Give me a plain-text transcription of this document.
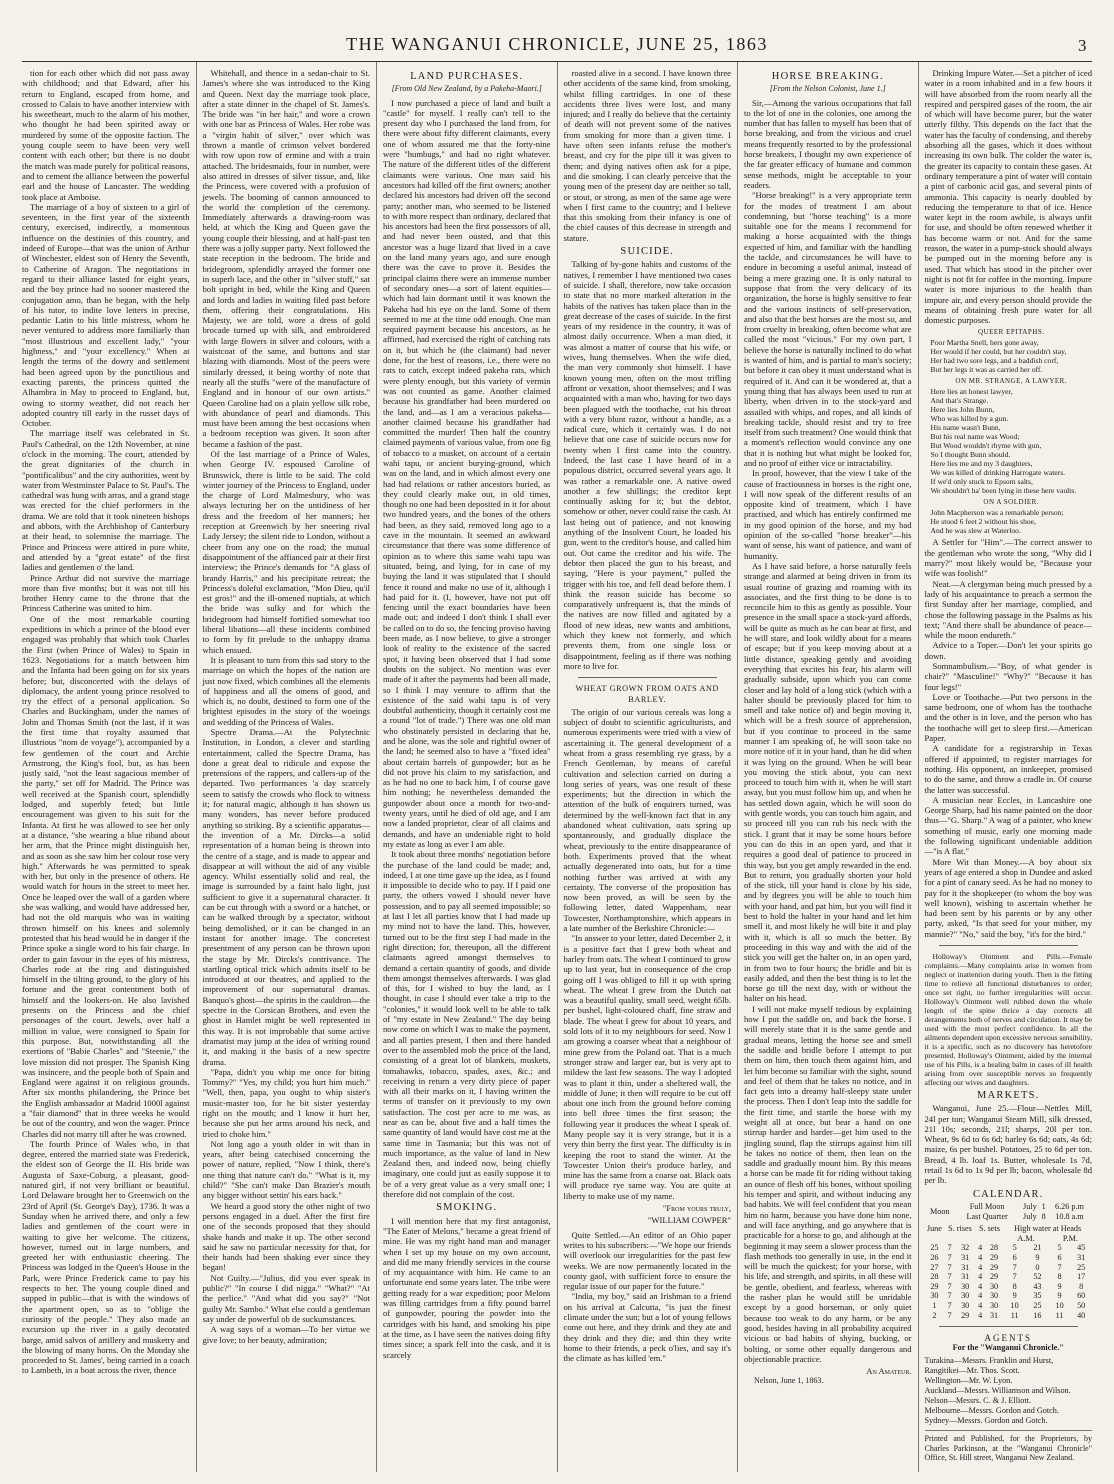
THE WANGANUI CHRONICLE, JUNE 25, 1863	3

tion for each other which did not pass away with childhood; and that Edward, after his return to England, escaped from home, and crossed to Calais to have another interview with his sweetheart, much to the alarm of his mother, who thought he had been spirited away or murdered by some of the opposite faction. The young couple seem to have been very well content with each other; but there is no doubt the match was made purely for political reasons, and to cement the alliance between the powerful earl and the house of Lancaster. The wedding took place at Amboise.

The marriage of a boy of sixteen to a girl of seventeen, in the first year of the sixteenth century, exercised, indirectly, a momentous influence on the destinies of this country, and indeed of Europe—that was the union of Arthur of Winchester, eldest son of Henry the Seventh, to Catherine of Aragon. The negotiations in regard to their alliance lasted for eight years, and the boy prince had no sooner mastered the conjugation amo, than he began, with the help of his tutor, to indite love letters in precise, pedantic Latin to his little mistress, whom he never ventured to address more familiarly than "most illustrious and excellent lady," "your highness," and "your excellency." When at length the terms of the dowry and settlement had been agreed upon by the punctilious and exacting parents, the princess quitted the Alhambra in May to proceed to England, but, owing to stormy weather, did not reach her adopted country till early in the russet days of October.

The marriage itself was celebrated in St. Paul's Cathedral, on the 12th November, at nine o'clock in the morning. The court, attended by the great dignitaries of the church in "pontificalibus" and the city authorities, went by water from Westminster Palace to St. Paul's. The cathedral was hung with arras, and a grand stage was erected for the chief performers in the drama. We are told that it took nineteen bishops and abbots, with the Archbishop of Canterbury at their head, to solemnise the marriage. The Prince and Princess were attired in pure white, and attended by a "great estate" of the first ladies and gentlemen o' the land.

Prince Arthur did not survive the marriage more than five months; but it was not till his brother Henry came to the throne that the Princess Catherine was united to him.

One of the most remarkable courting expeditions in which a prince of the blood ever engaged was probably that which took Charles the First (when Prince of Wales) to Spain in 1623. Negotiations for a match between him and the Infanta had been going on for six years before; but, disconcerted with the delays of diplomacy, the ardent young prince resolved to try the effect of a personal application. So Charles and Buckingham, under the names of John and Thomas Smith (not the last, if it was the first time that royalty assumed that illustrious "nom de voyage"), accompanied by a few gentlemen of the court and Archie Armstrong, the King's fool, but, as has been justly said, "not the least sagacious member of the party," set off for Madrid. The Prince was well received at the Spanish court, splendidly lodged, and superbly feted; but little encouragement was given to his suit for the Infanta. At first he was allowed to see her only at a distance, "she wearing a blue riband about her arm, that the Prince might distinguish her, and as soon as she saw him her colour rose very high." Afterwards he was permitted to speak with her, but only in the presence of others. He would watch for hours in the street to meet her. Once he leaped over the wall of a garden where she was walking, and would have addressed her, had not the old marquis who was in waiting thrown himself on his knees and solemnly protested that his head would be in danger if the Prince spoke a single word to his fair charge. In order to gain favour in the eyes of his mistress, Charles rode at the ring and distinguished himself in the tilting ground, to the glory of his fortune and the great contentment both of himself and the lookers-on. He also lavished presents on the Princess and the chief personages of the court. Jewels, over half a million in value, were consigned to Spain for this purpose. But, notwithstanding all the exertions of "Babie Charles" and "Steenie," the love mission did not prosper. The Spanish King was insincere, and the people both of Spain and England were against it on religious grounds. After six months philandering, the Prince bet the English ambassador at Madrid 1000l against a "fair diamond" that in three weeks he would be out of the country, and won the wager. Prince Charles did not marry till after he was crowned.

The fourth Prince of Wales who, in that degree, entered the married state was Frederick, the eldest son of George the II. His bride was Augusta of Saxe-Coburg, a pleasant, good-natured girl, if not very brilliant or beautiful. Lord Delaware brought her to Greenwich on the 23rd of April (St. George's Day), 1736. It was a Sunday when he arrived there, and only a few ladies and gentlemen of the court were in waiting to give her welcome. The citizens, however, turned out in large numbers, and greeted her with enthusiastic cheering. The Princess was lodged in the Queen's House in the Park, were Prince Frederick came to pay his respects to her. The young couple dined and supped in public—that is with the windows of the apartment open, so as to "oblige the curiosity of the people." They also made an excursion up the river in a gaily decorated barge, amid salvos of artillery and musketry and the blowing of many horns. On the Monday she proceeded to St. James', being carried in a coach to Lambeth, in a boat across the river, thence

Whitehall, and thence in a sedan-chair to St. James's where she was introduced to the King and Queen. Next day the marriage took place, after a state dinner in the chapel of St. James's. The bride was "in her hair," and wore a crown with one bar as Princess of Wales. Her robe was a "virgin habit of silver," over which was thrown a mantle of crimson velvet bordered with row upon row of ermine and with a train attached. The bridesmaids, four in number, were also attired in dresses of silver tissue, and, like the Princess, were covered with a profusion of jewels. The booming of cannon announced to the world the completion of the ceremony. Immediately afterwards a drawing-room was held, at which the King and Queen gave the young couple their blessing, and at half-past ten there was a jolly supper party. Next followed the state reception in the bedroom. The bride and bridegroom, splendidly arrayed the former one in superb lace, and the other in "silver stuff," sat bolt upright in bed, while the King and Queen and lords and ladies in waiting filed past before them, offering their congratulations. His Majesty, we are told, wore a dress of gold brocade turned up with silk, and embroidered with large flowers in silver and colours, with a waistcoat of the same, and buttons and star blazing with diamonds. Most of the peers were similarly dressed, it being worthy of note that nearly all the stuffs "were of the manufacture of England and in honour of our own artists." Queen Caroline had on a plain yellow silk robe, with abundance of pearl and diamonds. This must have been among the best occasions when a bedroom reception was given. It soon after became a fashion of the past.

Of the last marriage of a Prince of Wales, when George IV. espoused Caroline of Brunswick, there is little to be said. The cold winter journey of the Princess to England, under the charge of Lord Malmesbury, who was always lecturing her on the untidiness of her dress and the freedom of her manners; her reception at Greenwich by her sneering rival Lady Jersey; the silent ride to London, without a cheer from any one on the road; the mutual disappointment of the affianced pair at their first interview; the Prince's demands for "A glass of brandy Harris," and his precipitate retreat; the Princess's doleful exclamation, "Mon Dieu, qu'il est gros!" and the ill-omened nuptials, at which the bride was sulky and for which the bridegroom had himself fortified somewhat too liberal libations—all these incidents combined to form by fit prelude to the unhappy drama which ensued.

It is pleasant to turn from this sad story to the marriage on which the hopes of the nation are just now fixed, which combines all the elements of happiness and all the omens of good, and which is, no doubt, destined to form one of the brightest episodes in the story of the woeings and wedding of the Princess of Wales.

Spectre Drama.—At the Polytechnic Institution, in London, a clever and startling entertainment, called the Spectre Drama, has done a great deal to ridicule and expose the pretensions of the rappers, and callers-up of the departed. Two performances 'a day scarcely seem to satisfy the crowds who flock to witness it; for natural magic, although it has shown us many wonders, has never before produced anything so striking. By a scientific apparatus—the invention of a Mr. Dircks—a solid representation of a human being is thrown into the centre of a stage, and is made to appear and disappear at will without the aid of any visible agency. Whilst essentially solid and real, the image is surrounded by a faint halo light, just sufficient to give it a supernatural character. It can be cut through with a sword or a hatchet, or can be walked through by a spectator, without being demolished, or it can be changed in an instant for another image. The concretest presentment of any person can be thrown upon the stage by Mr. Dircks's contrivance. The startling optical trick which admits itself to be introduced at our theatres, and applied to the improvement of our supernatural dramas. Banquo's ghost—the spirits in the cauldron—the spectre in the Corsican Brothers, and even the ghost in Hamlet might be well represented in this way. It is not improbable that some active dramatist may jump at the idea of writing round it, and making it the basis of a new spectre drama.

"Papa, didn't you whip me once for biting Tommy?" "Yes, my child; you hurt him much." "Well, then, papa, you ought to whip sister's music-master too, for he bit sister yesterday right on the mouth; and I know it hurt her, because she put her arms around his neck, and tried to choke him."

Not long ago a youth older in wit than in years, after being catechised concerning the power of nature, replied, "Now I think, there's one thing that nature can't do." "What is it, my child?" "She can't make Dan Brazier's mouth any bigger without settin' his ears back."

We heard a good story the other night of two persons engaged in a duel. After the first fire one of the seconds proposed that they should shake hands and make it up. The other second said he saw no particular necessity for that, for their hands had been shaking ever since they began!

Not Guilty.—"Julius, did you ever speak in public?" "In course I did nigga." "What?" "At the perlice." "And what did you say?" "Not guilty Mr. Sambo." What else could a gentleman say under de powerful ob de suckumstances.

A wag says of a woman—To her virtue we give love; to her beauty, admiration;

LAND PURCHASES.
[From Old New Zealand, by a Pakeha-Maori.]

I now purchased a piece of land and built a "castle" for myself. I really can't tell to the present day who I purchased the land from, for there were about fifty different claimants, every one of whom assured me that the forty-nine were "humbugs," and had no right whatever. The nature of the different titles of the different claimants were various. One man said his ancestors had killed off the first owners; another declared his ancestors had driven off the second party; another man, who seemed to be listened to with more respect than ordinary, declared that his ancestors had been the first possessors of all, and had never been ousted, and that this ancestor was a huge lizard that lived in a cave on the land many years ago, and sure enough there was the cave to prove it. Besides the principal claims there were an immense number of secondary ones—a sort of latent equities—which had lain dormant until it was known the Pakeha had his eye on the land. Some of them seemed to me at the time odd enough. One man required payment because his ancestors, as he affirmed, had exercised the right of catching rats on it, but which he (the claimant) had never done, for the best of reasons, i.e., there were no rats to catch, except indeed pakeha rats, which were plenty enough, but this variety of vermin was not counted as game. Another claimed because his grandfather had been murdered on the land, and—as I am a veracious pakeha—another claimed because his grandfather had committed the murder! Then half the country claimed payments of various value, from one fig of tobacco to a musket, on account of a certain wahi tapu, or ancient burying-ground, which was on the land, and in which almost every one had had relations or rather ancestors buried, as they could clearly make out, in old times, though no one had been deposited in it for about two hundred years, and the bones of the others had been, as they said, removed long ago to a cave in the mountain. It seemed an awkward circumstance that there was some difference of opinion as to where this same wahi tapu was situated, being, and lying, for in case of my buying the land it was stipulated that I should fence it round and make no use of it, although I had paid for it. (I, however, have not put off fencing until the exact boundaries have been made out; and indeed I don't think I shall ever be called on to do so, the fencing proviso having been made, as I now believe, to give a stronger look of reality to the existence of the sacred spot, it having been observed that I had some doubts on the subject. No mention was ever made of it after the payments had been all made, so I think I may venture to affirm that the existence of the said wahi tapu is of very doubtful authenticity, though it certainly cost me a round "lot of trade.") There was one old man who obstinately persisted in declaring that he, and he alone, was the sole and rightful owner of the land; he seemed also to have a "fixed idea" about certain barrels of gunpowder; but as he did not prove his claim to my satisfaction, and as he had no one to back him, I of course gave him nothing; he nevertheless demanded the gunpowder about once a month for two-and-twenty years, until he died of old age, and I am now a landed proprietor, clear of all claims and demands, and have an undeniable right to hold my estate as long as ever I am able.

It took about three months' negotiation before the purchase of the land could be made; and, indeed, I at one time gave up the idea, as I found it impossible to decide who to pay. If I paid one party, the others vowed I should never have possession, and to pay all seemed impossible; so at last I let all parties know that I had made up my mind not to have the land. This, however, turned out to be the first step I had made in the right direction; for, thereupon, all the different claimants agreed amongst themselves to demand a certain quantity of goods, and divide them amongst themselves afterwards. I was glad of this, for I wished to buy the land, as I thought, in case I should ever take a trip to the "colonies," it would look well to be able to talk of "my estate in New Zealand." The day being now come on which I was to make the payment, and all parties present, I then and there handed over to the assembled mob the price of the land, consisting of a great lot of blankets, muskets, tomahawks, tobacco, spades, axes, &c.; and receiving in return a very dirty piece of paper with all their marks on it, I having written the terms of transfer on it previously to my own satisfaction. The cost per acre to me was, as near as can be, about five and a half times the same quantity of land would have cost me at the same time in Tasmania; but this was not of much importance, as the value of land in New Zealand then, and indeed now, being chiefly imaginary, one could just as easily suppose it to be of a very great value as a very small one; I therefore did not complain of the cost.

SMOKING.

I will mention here that my first antagonist, "The Eater of Melons," became a great friend of mine. He was my right hand man and manager when I set up my house on my own account, and did me many friendly services in the course of my acquaintance with him. He came to an unfortunate end some years later. The tribe were getting ready for a war expedition; poor Melons was filling cartridges from a fifty pound barrel of gunpowder, pouring the powder into the cartridges with his hand, and smoking his pipe at the time, as I have seen the natives doing fifty times since; a spark fell into the cask, and it is scarcely

roasted alive in a second. I have known three other accidents of the same kind, from smoking, whilst filling cartridges. In one of these accidents three lives were lost, and many injured; and I really do believe that the certainty of death will not prevent some of the natives from smoking for more than a given time. I have often seen infants refuse the mother's breast, and cry for the pipe till it was given to them; and dying natives often ask for a pipe, and die smoking. I can clearly perceive that the young men of the present day are neither so tall, or stout, or strong, as men of the same age were when I first came to the country; and I believe that this smoking from their infancy is one of the chief causes of this decrease in strength and stature.

SUICIDE.

Talking of by-gone habits and customs of the natives, I remember I have mentioned two cases of suicide. I shall, therefore, now take occasion to state that no more marked alteration in the habits of the natives has taken place than in the great decrease of the cases of suicide. In the first years of my residence in the country, it was of almost daily occurrence. When a man died, it was almost a matter of course that his wife, or wives, hung themselves. When the wife died, the man very commonly shot himself. I have known young men, often on the most trifling affront or vexation, shoot themselves; and I was acquainted with a man who, having for two days been plagued with the toothache, cut his throat with a very blunt razor, without a handle, as a radical cure, which it certainly was. I do not believe that one case of suicide occurs now for twenty when I first came into the country. Indeed, the last case I have heard of in a populous district, occurred several years ago. It was rather a remarkable one. A native owed another a few shillings; the creditor kept continually asking for it; but the debtor, somehow or other, never could raise the cash. At last being out of patience, and not knowing anything of the Insolvent Court, he loaded his gun, went to the creditor's house, and called him out. Out came the creditor and his wife. The debtor then placed the gun to his breast, and saying, "Here is your payment," pulled the trigger with his toe, and fell dead before them. I think the reason suicide has become so comparatively unfrequent is, that the minds of the natives are now filled and agitated by a flood of new ideas, new wants and ambitions, which they knew not formerly, and which prevents them, from one single loss or disappointment, feeling as if there was nothing more to live for.

WHEAT GROWN FROM OATS AND BARLEY.

The origin of our various cereals was long a subject of doubt to scientific agriculturists, and numerous experiments were tried with a view of ascertaining it. The general development of a wheat from a grass resembling rye grass, by a French Gentleman, by means of careful cultivation and selection carried on during a long series of years, was one result of these experiments; but the direction in which the attention of the bulk of enquirers turned, was determined by the well-known fact that in any abandoned wheat cultivation, oats spring up spontaneously, and gradually displace the wheat, previously to the entire disappearance of both. Experiments proved that the wheat actually degenerated into oats, but for a time nothing further was arrived at with any certainty. The converse of the proposition has now been proved, as will be seen by the following letter, dated Wappenham, near Towcester, Northamptonshire, which appears in a late number of the Berkshire Chronicle:—

"In answer to your letter, dated December 2, it is a positive fact that I grew both wheat and barley from oats. The wheat I continued to grow up to last year, but in consequence of the crop going off I was obliged to fill it up with spring wheat. The wheat I grew from the Dutch oat was a beautiful quality, small seed, weight 65lb. per bushel, light-coloured chaff, fine straw and blade. The wheat I grew for about 10 years, and sold lots of it to my neighbours for seed. Now I am growing a coarser wheat that a neighbour of mine grew from the Poland oat. That is a much stronger straw and larger ear, but is very apt to mildew the last few seasons. The way I adopted was to plant it thin, under a sheltered wall, the middle of June; it then will require to be cut off about one inch from the ground before coming into bell three times the first season; the following year it produces the wheat I speak of. Many people say it is very strange, but it is a very thin berry the first year. The difficulty is in keeping the root to stand the winter. At the Towcester Union their's produce barley, and mine has the same from a coarse oat. Black oats will produce rye same way. You are quite at liberty to make use of my name.

"From yours truly,
"WILLIAM COWPER"

Quite Settled.—An editor of an Ohio paper writes to his subscribers:—"We hope our friends will overlook our irregularities for the past few weeks. We are now permanently located in the county gaol, with sufficient force to ensure the regular issue of our paper for the future."

"India, my boy," said an Irishman to a friend on his arrival at Calcutta, "is just the finest climate under the sun; but a lot of young fellows come out here, and they drink and they ate and they drink and they die; and thin they write home to their friends, a peck o'lies, and say it's the climate as has killed 'em."

HORSE BREAKING.
[From the Nelson Colonist, June 1.]

Sir,—Among the various occupations that fall to the lot of one in the colonies, one among the number that has fallen to myself has been that of horse breaking, and from the vicious and cruel means frequently resorted to by the professional horse breakers, I thought my own experience of the far greater efficacy of humane and common sense methods, might be acceptable to your readers.

"Horse breaking!" is a very appropriate term for the modes of treatment I am about condemning, but "horse teaching" is a more suitable one for the means I recommend for making a horse acquainted with the things expected of him, and familiar with the handling the tackle, and circumstances he will have to endure in becoming a useful animal, instead of being a mere grazing one. It is only natural to suppose that from the very delicacy of its organization, the horse is highly sensitive to fear and the various instincts of self-preservation, and also that the best horses are the most so, and from cruelty in breaking, often become what are called the most "vicious." For my own part, I believe the horse is naturally inclined to do what is wanted of him, and is partial to man's society; but before it can obey it must understand what is required of it. And can it be wondered at, that a young thing that has always been used to run at liberty, when driven in to the stock-yard and assailed with whips, and ropes, and all kinds of breaking tackle, should resist and try to free itself from such treatment? One would think that a moment's reflection would convince any one that it is nothing but what might be looked for, and no proof of either vice or intractability.

In proof, however, that the view I take of the cause of fractiousness in horses is the right one, I will now speak of the different results of an opposite kind of treatment, which I have practised, and which has entirely confirmed me in my good opinion of the horse, and my bad opinion of the so-called "horse breaker"—his want of sense, his want of patience, and want of humanity.

As I have said before, a horse naturally feels strange and alarmed at being driven in from its usual routine of grazing and roaming with its associates, and the first thing to be done is to reconcile him to this as gently as possible. Your presence in the small space a stock-yard affords, will be quite as much as he can bear at first, and he will stare, and look wildly about for a means of escape; but if you keep moving about at a little distance, speaking gently and avoiding everything that excites his fear, his alarm will gradually subside, upon which you can come closer and lay hold of a long stick (which with a halter should be previously placed for him to smell and take notice of) and begin moving it, which will be a fresh source of apprehension, but if you continue to proceed in the same manner I am speaking of, he will soon take no more notice of it in your hand, than he did when it was lying on the ground. When he will bear you moving the stick about, you can next proceed to touch him with it, when he will start away, but you must follow him up, and when he has settled down again, which he will soon do with gentle words, you can touch him again, and so proceed till you can rub his neck with the stick. I grant that it may be some hours before you can do this in an open yard, and that it requires a good deal of patience to proceed in this way, but you get amply rewarded in the end. But to return, you gradually shorten your hold of the stick, till your hand is close by his side, and by degrees you will be able to touch him with your hand, and pat him, but you will find it best to hold the halter in your hand and let him smell it, and most likely he will bite it and play with it, which is all so much the better. By proceeding in this way and with the aid of the stick you will get the halter on, in an open yard, in from two to four hours; the bridle and bit is easily added, and then the best thing is to let the horse go till the next day, with or without the halter on his head.

I will not make myself tedious by explaining how I put the saddle on, and back the horse. I will merely state that it is the same gentle and gradual means, letting the horse see and smell the saddle and bridle before I attempt to put them on him, then touch them against him, and let him become so familiar with the sight, sound and feel of them that he takes no notice, and in fact gets into a dreamy half-sleepy state under the process. Then I don't leap into the saddle for the first time, and startle the horse with my weight all at once, but bear a hand on one stirrup harder and harder—get him used to the jingling sound, flap the stirrups against him till he takes no notice of them, then lean on the saddle and gradually mount him. By this means a horse can be made fit for riding without taking an ounce of flesh off his bones, without spoiling his temper and spirit, and without inducing any bad habits. We will feel confident that you mean him no harm, because you have done him none, and will face anything, and go anywhere that is practicable for a horse to go, and although at the beginning it may seem a slower process than the flash methods too generally in use, in the end it will be much the quickest; for your horse, with his life, and strength, and spirits, in all these will be gentle, obedient, and fearless, whereas with the rasher plan he would still be unridable except by a good horseman, or only quiet because too weak to do any harm, or be any good, besides having in all probability acquired vicious or bad habits of shying, bucking, or bolting, or some other equally dangerous and objectionable practice.

An Amateur.
Nelson, June 1, 1863.

Drinking Impure Water.—Set a pitcher of iced water in a room inhabited and in a few hours it will have absorbed from the room nearly all the respired and perspired gases of the room, the air of which will have become purer, but the water utterly filthy. This depends on the fact that the water has the faculty of condensing, and thereby absorbing all the gases, which it does without increasing its own bulk. The colder the water is, the greater its capacity to contain these gases. At ordinary temperature a pint of water will contain a pint of carbonic acid gas, and several pints of ammonia. This capacity is nearly doubled by reducing the temperature to that of ice. Hence water kept in the room awhile, is always unfit for use, and should be often renewed whether it has become warm or not. And for the same reason, the water in a pump-stock should always be pumped out in the morning before any is used. That which has stood in the pitcher over night is not fit for coffee in the morning. Impure water is more injurious to the health than impure air, and every person should provide the means of obtaining fresh pure water for all domestic purposes.

QUEER EPITAPHS.
Poor Martha Snell, hers gone away,
Her would if her could, but her couldn't stay,
Her had two sore legs, and a baddish corf,
But her legs it was as carried her off.
ON MR. STRANGE, A LAWYER.
Here lies an honest lawyer,
And that's Strange.
Here lies John Bunn,
Who was killed by a gun.
His name wasn't Bunn,
But his real name was Wood;
But Wood wouldn't rhyme with gun,
So I thought Bunn should.
Here lies me and my 3 daughters,
We was killed of drinking Harrogate waters.
If we'd only stuck to Epsom salts,
We shouldn't ha' been lying in these here vaults.
ON A SOLDIER.
John Macpherson was a remarkable person;
He stood 6 feet 2 without his shoe,
And he was slew at Waterloo.

A Settler for "Him".—The correct answer to the gentleman who wrote the song, "Why did I marry?" most likely would be, "Because your wife was foolish!"

Neat.—A clergyman being much pressed by a lady of his acquaintance to preach a sermon the first Sunday after her marriage, complied, and chose the following passage in the Psalms as his text; "And there shall be abundance of peace—while the moon endureth."

Advice to a Toper.—Don't let your spirits go down.

Somnambulism.—"Boy, of what gender is chair?" "Masculine!" "Why?" "Because it has four legs!"

Love or Toothache.—Put two persons in the same bedroom, one of whom has the toothache and the other is in love, and the person who has the toothache will get to sleep first.—American Paper.

A candidate for a registrarship in Texas offered if appointed, to register marriages for nothing. His opponent, an innkeeper, promised to do the same, and throw a cradle in. Of course the latter was successful.

A musician near Eccles, in Lancashire one George Sharp, had his name painted on the door thus—"G. Sharp." A wag of a painter, who knew something of music, early one morning made the following significant undeniable addition—"is A flat."

More Wit than Money.—A boy about six years of age entered a shop in Dundee and asked for a pint of canary seed. As he had no money to pay for it the shopkeeper (to whom the boy was well known), wishing to ascertain whether he had been sent by his parents or by any other party, asked, "Is that seed for your mither, my mannie?" "No," said the boy, "it's for the bird."

Holloway's Ointment and Pills.—Female complaints.—Many complaints arise in women from neglect or inattention during youth. Then is the fitting time to relieve all functional disturbances to order; once set right, no further irregularities will occur. Holloway's Ointment well rubbed down the whole length of the spine thrice a day corrects all derangements both of nerves and circulation. It may be used with the most perfect confidence. In all the ailments dependent upon excessive nervous sensibility, it is a specific, such as no discovery has heretofore presented. Holloway's Ointment, aided by the internal use of his Pills, is a healing balm in cases of ill health arising from over susceptible nerves so frequently affecting our wives and daughters.

MARKETS.

Wanganui, June 25.—Flour—Nettles Mill, 24l per ton; Wanganui Steam Mill, silk dressed, 21l 10s; seconds, 21l; sharps, 20l per ton. Wheat, 9s 6d to 6s 6d; barley 6s 6d; oats, 4s 6d; maize, 6s per bushel. Potatoes, 25 to 6d per ton. Bread, 4 lb. loaf 1s. Butter, wholesale 1s 7d, retail 1s 6d to 1s 9d per lb; bacon, wholesale 8d per lb.

CALENDAR.
Moon	Full Moon	July	1	6.26 p.m
	Last Quarter	July	8	10.8 a.m
June	S. rises		S. sets		High water at Heads			
					A.M.		P.M.	
25	7	32	4	28	5	21	5	45
26	7	31	4	29	6	9	6	31
27	7	31	4	29	7	0	7	25
28	7	31	4	29	7	52	8	17
29	7	30	4	30	8	43	9	8
30	7	30	4	30	9	35	9	60
1	7	30	4	30	10	25	10	50
2	7	29	4	31	11	16	11	40
AGENTS
For the "Wanganui Chronicle."
Turakina—Messrs. Franklin and Hurst,
Rangitikei—Mr. Thos. Scott.
Wellington—Mr. W. Lyon.
Auckland—Messrs. Williamson and Wilson.
Nelson—Messrs. C. & J. Elliott.
Melbourne—Messrs. Gordon and Gotch.
Sydney—Messrs. Gordon and Gotch.
Printed and Published, for the Proprietors, by Charles Parkinson, at the "Wanganui Chronicle" Office, St. Hill street, Wanganui New Zealand.
